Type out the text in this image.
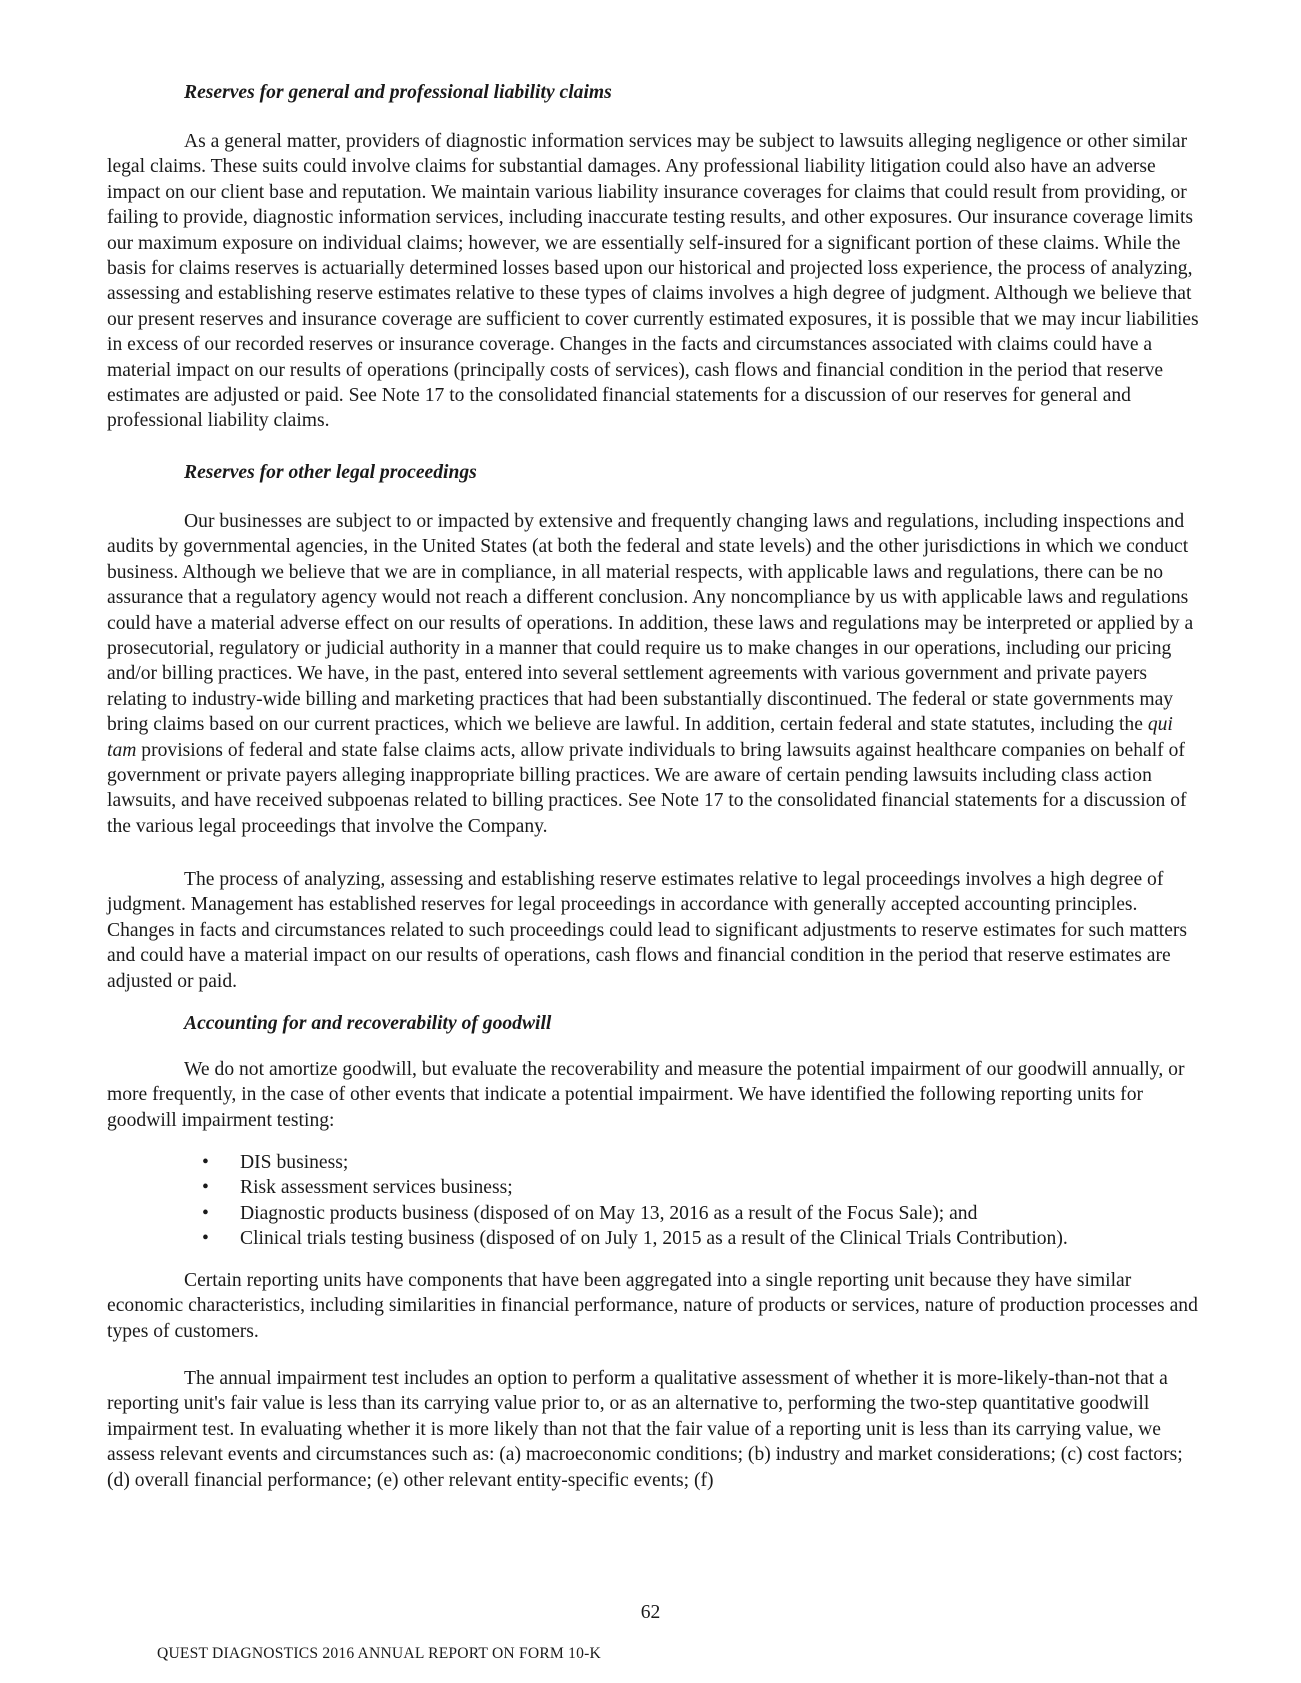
Reserves for general and professional liability claims

As a general matter, providers of diagnostic information services may be subject to lawsuits alleging negligence or other similar legal claims. These suits could involve claims for substantial damages. Any professional liability litigation could also have an adverse impact on our client base and reputation. We maintain various liability insurance coverages for claims that could result from providing, or failing to provide, diagnostic information services, including inaccurate testing results, and other exposures. Our insurance coverage limits our maximum exposure on individual claims; however, we are essentially self-insured for a significant portion of these claims. While the basis for claims reserves is actuarially determined losses based upon our historical and projected loss experience, the process of analyzing, assessing and establishing reserve estimates relative to these types of claims involves a high degree of judgment. Although we believe that our present reserves and insurance coverage are sufficient to cover currently estimated exposures, it is possible that we may incur liabilities in excess of our recorded reserves or insurance coverage. Changes in the facts and circumstances associated with claims could have a material impact on our results of operations (principally costs of services), cash flows and financial condition in the period that reserve estimates are adjusted or paid. See Note 17 to the consolidated financial statements for a discussion of our reserves for general and professional liability claims.

Reserves for other legal proceedings

Our businesses are subject to or impacted by extensive and frequently changing laws and regulations, including inspections and audits by governmental agencies, in the United States (at both the federal and state levels) and the other jurisdictions in which we conduct business. Although we believe that we are in compliance, in all material respects, with applicable laws and regulations, there can be no assurance that a regulatory agency would not reach a different conclusion. Any noncompliance by us with applicable laws and regulations could have a material adverse effect on our results of operations. In addition, these laws and regulations may be interpreted or applied by a prosecutorial, regulatory or judicial authority in a manner that could require us to make changes in our operations, including our pricing and/or billing practices. We have, in the past, entered into several settlement agreements with various government and private payers relating to industry-wide billing and marketing practices that had been substantially discontinued. The federal or state governments may bring claims based on our current practices, which we believe are lawful. In addition, certain federal and state statutes, including the qui tam provisions of federal and state false claims acts, allow private individuals to bring lawsuits against healthcare companies on behalf of government or private payers alleging inappropriate billing practices. We are aware of certain pending lawsuits including class action lawsuits, and have received subpoenas related to billing practices. See Note 17 to the consolidated financial statements for a discussion of the various legal proceedings that involve the Company.

The process of analyzing, assessing and establishing reserve estimates relative to legal proceedings involves a high degree of judgment. Management has established reserves for legal proceedings in accordance with generally accepted accounting principles. Changes in facts and circumstances related to such proceedings could lead to significant adjustments to reserve estimates for such matters and could have a material impact on our results of operations, cash flows and financial condition in the period that reserve estimates are adjusted or paid.

Accounting for and recoverability of goodwill

We do not amortize goodwill, but evaluate the recoverability and measure the potential impairment of our goodwill annually, or more frequently, in the case of other events that indicate a potential impairment. We have identified the following reporting units for goodwill impairment testing:

• DIS business;
• Risk assessment services business;
• Diagnostic products business (disposed of on May 13, 2016 as a result of the Focus Sale); and
• Clinical trials testing business (disposed of on July 1, 2015 as a result of the Clinical Trials Contribution).

Certain reporting units have components that have been aggregated into a single reporting unit because they have similar economic characteristics, including similarities in financial performance, nature of products or services, nature of production processes and types of customers.

The annual impairment test includes an option to perform a qualitative assessment of whether it is more-likely-than-not that a reporting unit's fair value is less than its carrying value prior to, or as an alternative to, performing the two-step quantitative goodwill impairment test. In evaluating whether it is more likely than not that the fair value of a reporting unit is less than its carrying value, we assess relevant events and circumstances such as: (a) macroeconomic conditions; (b) industry and market considerations; (c) cost factors; (d) overall financial performance; (e) other relevant entity-specific events; (f)

62
QUEST DIAGNOSTICS 2016 ANNUAL REPORT ON FORM 10-K
